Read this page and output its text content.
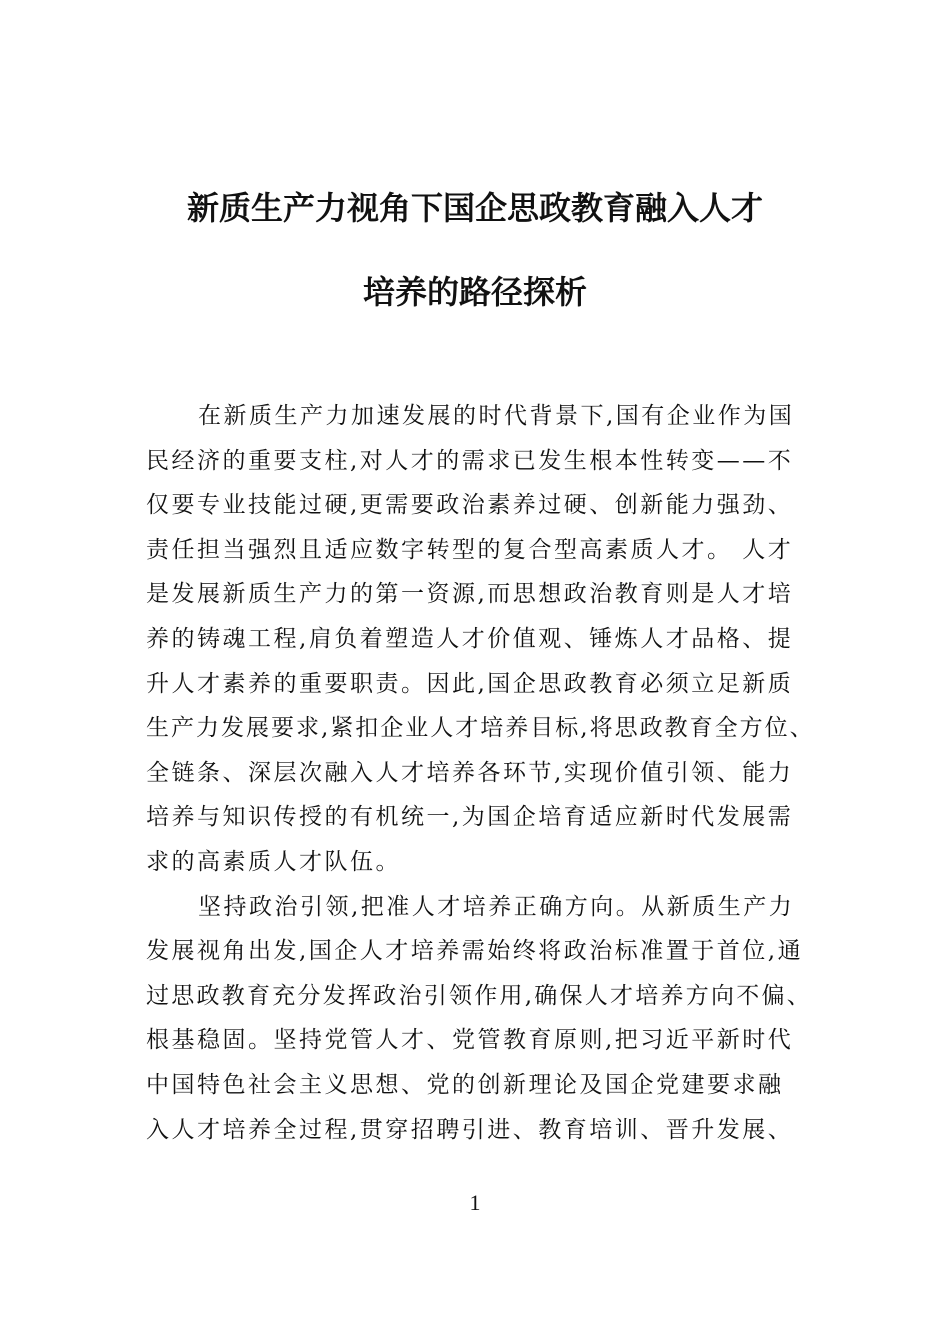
新质生产力视角下国企思政教育融入人才
培养的路径探析
在新质生产力加速发展的时代背景下,国有企业作为国
民经济的重要支柱,对人才的需求已发生根本性转变——不
仅要专业技能过硬,更需要政治素养过硬、创新能力强劲、
责任担当强烈且适应数字转型的复合型高素质人才。 人才
是发展新质生产力的第一资源,而思想政治教育则是人才培
养的铸魂工程,肩负着塑造人才价值观、锤炼人才品格、提
升人才素养的重要职责。因此,国企思政教育必须立足新质
生产力发展要求,紧扣企业人才培养目标,将思政教育全方位、
全链条、深层次融入人才培养各环节,实现价值引领、能力
培养与知识传授的有机统一,为国企培育适应新时代发展需
求的高素质人才队伍。
坚持政治引领,把准人才培养正确方向。从新质生产力
发展视角出发,国企人才培养需始终将政治标准置于首位,通
过思政教育充分发挥政治引领作用,确保人才培养方向不偏、
根基稳固。坚持党管人才、党管教育原则,把习近平新时代
中国特色社会主义思想、党的创新理论及国企党建要求融
入人才培养全过程,贯穿招聘引进、教育培训、晋升发展、
1
